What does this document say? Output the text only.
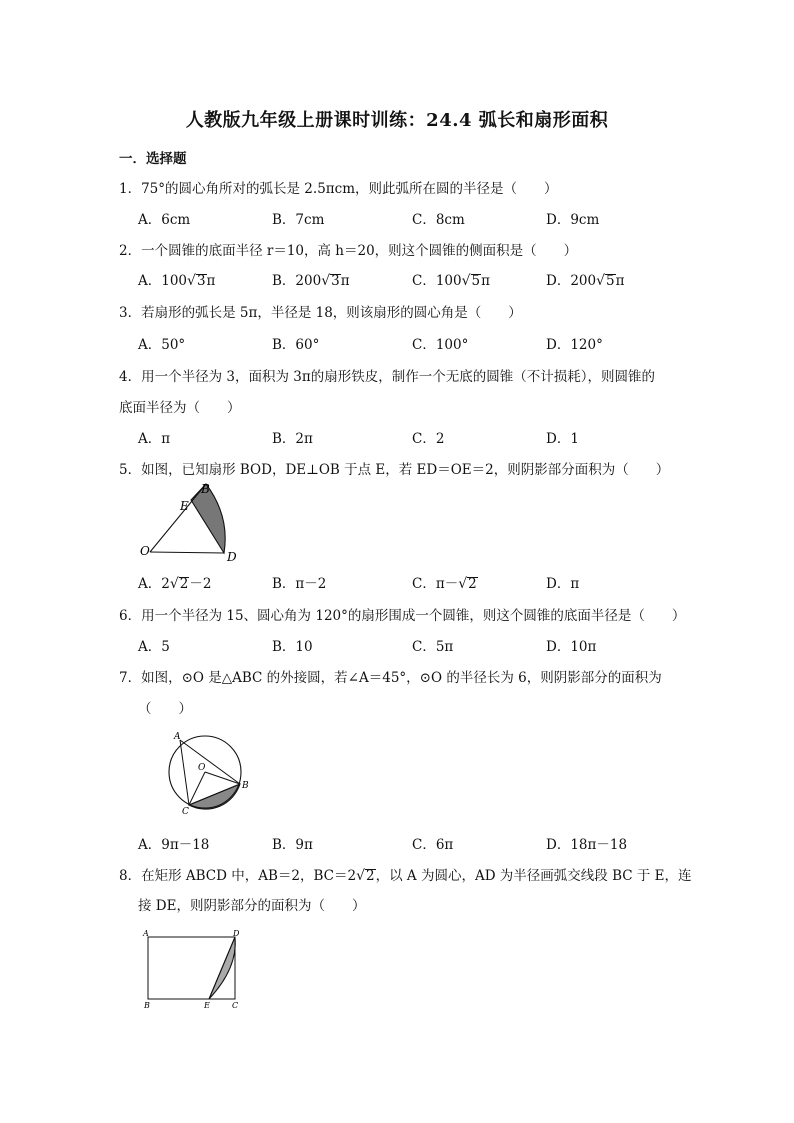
人教版九年级上册课时训练：24.4 弧长和扇形面积
一．选择题
1．75°的圆心角所对的弧长是 2.5πcm，则此弧所在圆的半径是（　　）
A．6cm	B．7cm	C．8cm	D．9cm
2．一个圆锥的底面半径 r＝10，高 h＝20，则这个圆锥的侧面积是（　　）
A．100√3π	B．200√3π	C．100√5π	D．200√5π
3．若扇形的弧长是 5π，半径是 18，则该扇形的圆心角是（　　）
A．50°	B．60°	C．100°	D．120°
4．用一个半径为 3，面积为 3π的扇形铁皮，制作一个无底的圆锥（不计损耗），则圆锥的
底面半径为（　　）
A．π	B．2π	C．2	D．1
5．如图，已知扇形 BOD，DE⊥OB 于点 E，若 ED＝OE＝2，则阴影部分面积为（　　）
B
E
O	D
A．2√2－2	B．π－2	C．π－√2	D．π
6．用一个半径为 15、圆心角为 120°的扇形围成一个圆锥，则这个圆锥的底面半径是（　　）
A．5	B．10	C．5π	D．10π
7．如图，⊙O 是△ABC 的外接圆，若∠A＝45°，⊙O 的半径长为 6，则阴影部分的面积为
（　　）
A
O
B
C
A．9π－18	B．9π	C．6π	D．18π－18
8．在矩形 ABCD 中，AB＝2，BC＝2√2，以 A 为圆心，AD 为半径画弧交线段 BC 于 E，连
接 DE，则阴影部分的面积为（　　）
A	D
B	E	C
